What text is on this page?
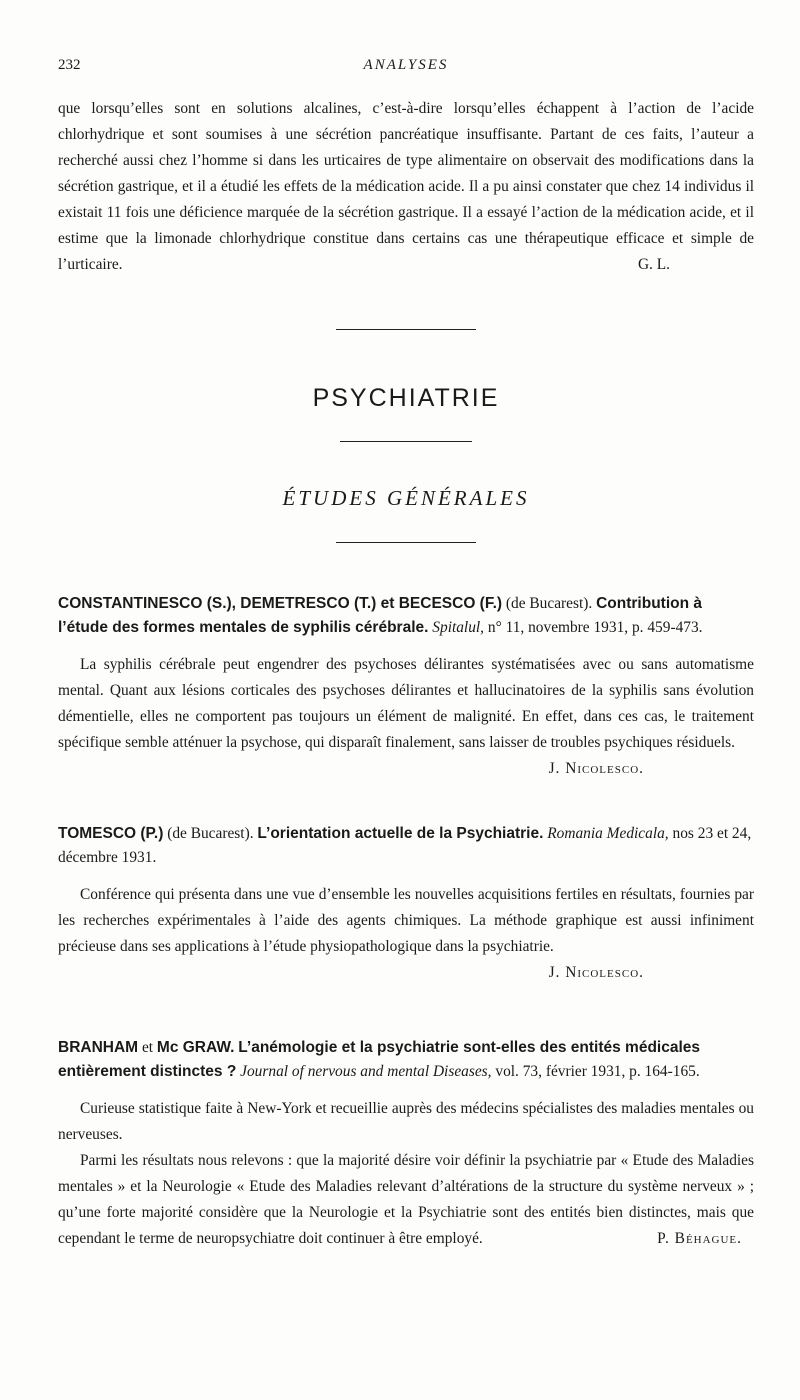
232	ANALYSES

que lorsqu’elles sont en solutions alcalines, c’est-à-dire lorsqu’elles échappent à l’action de l’acide chlorhydrique et sont soumises à une sécrétion pancréatique insuffisante. Partant de ces faits, l’auteur a recherché aussi chez l’homme si dans les urticaires de type alimentaire on observait des modifications dans la sécrétion gastrique, et il a étudié les effets de la médication acide. Il a pu ainsi constater que chez 14 individus il existait 11 fois une déficience marquée de la sécrétion gastrique. Il a essayé l’action de la médication acide, et il estime que la limonade chlorhydrique constitue dans certains cas une thérapeutique efficace et simple de l’urticaire.	G. L.

PSYCHIATRIE
ÉTUDES GÉNÉRALES

CONSTANTINESCO (S.), DEMETRESCO (T.) et BECESCO (F.) (de Bucarest). Contribution à l’étude des formes mentales de syphilis cérébrale. Spitalul, n° 11, novembre 1931, p. 459-473.

La syphilis cérébrale peut engendrer des psychoses délirantes systématisées avec ou sans automatisme mental. Quant aux lésions corticales des psychoses délirantes et hallucinatoires de la syphilis sans évolution démentielle, elles ne comportent pas toujours un élément de malignité. En effet, dans ces cas, le traitement spécifique semble atténuer la psychose, qui disparaît finalement, sans laisser de troubles psychiques résiduels.
J. Nicolesco.

TOMESCO (P.) (de Bucarest). L’orientation actuelle de la Psychiatrie. Romania Medicala, nos 23 et 24, décembre 1931.

Conférence qui présenta dans une vue d’ensemble les nouvelles acquisitions fertiles en résultats, fournies par les recherches expérimentales à l’aide des agents chimiques. La méthode graphique est aussi infiniment précieuse dans ses applications à l’étude physiopathologique dans la psychiatrie.
J. Nicolesco.

BRANHAM et Mc GRAW. L’anémologie et la psychiatrie sont-elles des entités médicales entièrement distinctes ? Journal of nervous and mental Diseases, vol. 73, février 1931, p. 164-165.

Curieuse statistique faite à New-York et recueillie auprès des médecins spécialistes des maladies mentales ou nerveuses.

Parmi les résultats nous relevons : que la majorité désire voir définir la psychiatrie par « Etude des Maladies mentales » et la Neurologie « Etude des Maladies relevant d’altérations de la structure du système nerveux » ; qu’une forte majorité considère que la Neurologie et la Psychiatrie sont des entités bien distinctes, mais que cependant le terme de neuropsychiatre doit continuer à être employé.	P. Béhague.
